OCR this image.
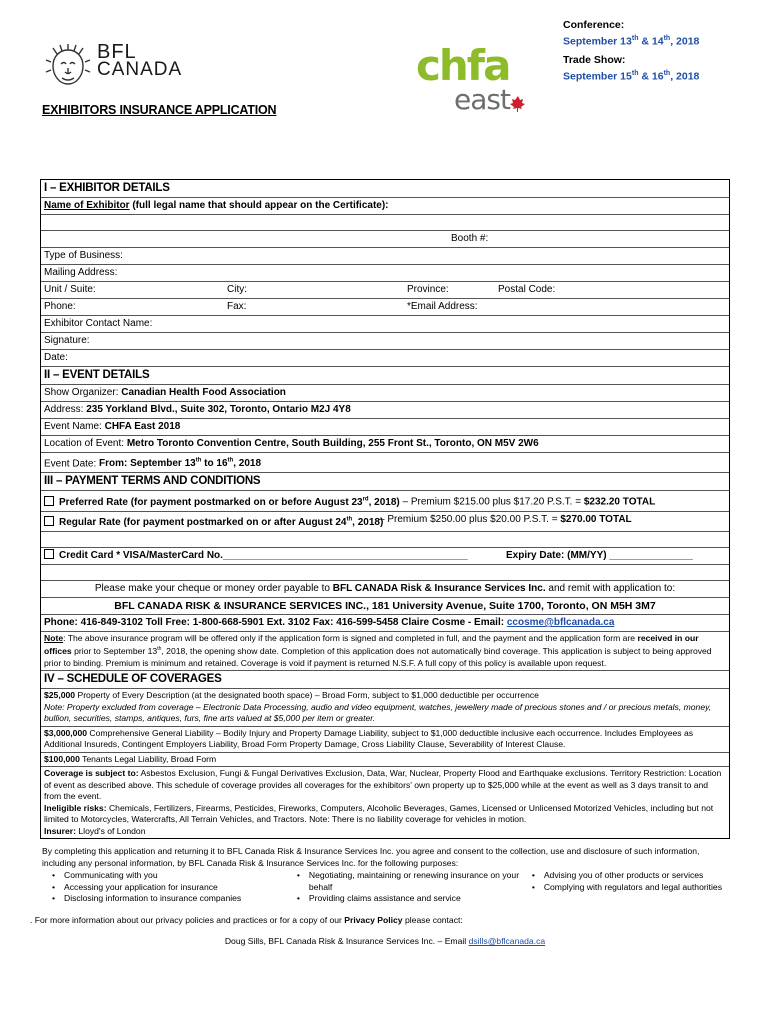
BFL
CANADA	chfa
east
Conference:
September 13th & 14th, 2018
Trade Show:
September 15th & 16th, 2018
EXHIBITORS INSURANCE APPLICATION
I – EXHIBITOR DETAILS
Name of Exhibitor (full legal name that should appear on the Certificate):
Booth #:

Type of Business:
Mailing Address:
Unit / Suite:	City:	Province:	Postal Code:
Phone:	Fax:	*Email Address:
Exhibitor Contact Name:
Signature:
Date:
II – EVENT DETAILS
Show Organizer: Canadian Health Food Association
Address: 235 Yorkland Blvd., Suite 302, Toronto, Ontario M2J 4Y8
Event Name: CHFA East 2018
Location of Event: Metro Toronto Convention Centre, South Building, 255 Front St., Toronto, ON M5V 2W6
Event Date: From: September 13th to 16th, 2018
III – PAYMENT TERMS AND CONDITIONS
Preferred Rate (for payment postmarked on or before August 23rd, 2018) – Premium $215.00 plus $17.20 P.S.T. = $232.20 TOTAL
Regular Rate (for payment postmarked on or after August 24th, 2018)
– Premium $250.00 plus $20.00 P.S.T. = $270.00 TOTAL
Credit Card * VISA/MasterCard No.____________________________________________	Expiry Date: (MM/YY) _______________
Please make your cheque or money order payable to BFL CANADA Risk & Insurance Services Inc. and remit with application to:
BFL CANADA RISK & INSURANCE SERVICES INC., 181 University Avenue, Suite 1700, Toronto, ON M5H 3M7
Phone: 416-849-3102 Toll Free: 1-800-668-5901 Ext. 3102 Fax: 416-599-5458 Claire Cosme - Email: ccosme@bflcanada.ca
Note: The above insurance program will be offered only if the application form is signed and completed in full, and the payment and the application form are received in our offices prior to September 13th, 2018, the opening show date. Completion of this application does not automatically bind coverage. This application is subject to being approved prior to binding. Premium is minimum and retained. Coverage is void if payment is returned N.S.F. A full copy of this policy is available upon request.
IV – SCHEDULE OF COVERAGES
$25,000 Property of Every Description (at the designated booth space) – Broad Form, subject to $1,000 deductible per occurrence
Note: Property excluded from coverage – Electronic Data Processing, audio and video equipment, watches, jewellery made of precious stones and / or precious metals, money, bullion, securities, stamps, antiques, furs, fine arts valued at $5,000 per item or greater.
$3,000,000 Comprehensive General Liability – Bodily Injury and Property Damage Liability, subject to $1,000 deductible inclusive each occurrence. Includes Employees as Additional Insureds, Contingent Employers Liability, Broad Form Property Damage, Cross Liability Clause, Severability of Interest Clause.
$100,000 Tenants Legal Liability, Broad Form
Coverage is subject to: Asbestos Exclusion, Fungi & Fungal Derivatives Exclusion, Data, War, Nuclear, Property Flood and Earthquake exclusions. Territory Restriction: Location of event as described above. This schedule of coverage provides all coverages for the exhibitors' own property up to $25,000 while at the event as well as 3 days transit to and from the event.
Ineligible risks: Chemicals, Fertilizers, Firearms, Pesticides, Fireworks, Computers, Alcoholic Beverages, Games, Licensed or Unlicensed Motorized Vehicles, including but not limited to Motorcycles, Watercrafts, All Terrain Vehicles, and Tractors. Note: There is no liability coverage for vehicles in motion.
Insurer: Lloyd's of London
By completing this application and returning it to BFL Canada Risk & Insurance Services Inc. you agree and consent to the collection, use and disclosure of such information, including any personal information, by BFL Canada Risk & Insurance Services Inc. for the following purposes:
• Communicating with you
• Accessing your application for insurance
• Disclosing information to insurance companies
• Negotiating, maintaining or renewing insurance on your behalf
• Providing claims assistance and service
• Advising you of other products or services
• Complying with regulators and legal authorities
. For more information about our privacy policies and practices or for a copy of our Privacy Policy please contact:
Doug Sills, BFL Canada Risk & Insurance Services Inc. – Email dsills@bflcanada.ca
